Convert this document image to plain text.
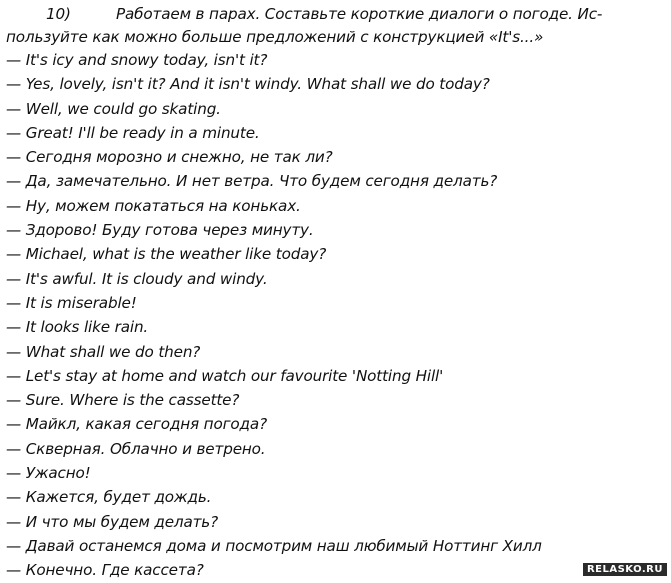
10)	Работаем в парах. Составьте короткие диалоги о погоде. Ис-
пользуйте как можно больше предложений с конструкцией «It's...»
— It's icy and snowy today, isn't it?
— Yes, lovely, isn't it? And it isn't windy. What shall we do today?
— Well, we could go skating.
— Great! I'll be ready in a minute.
— Сегодня морозно и снежно, не так ли?
— Да, замечательно. И нет ветра. Что будем сегодня делать?
— Ну, можем покататься на коньках.
— Здорово! Буду готова через минуту.
— Michael, what is the weather like today?
— It's awful. It is cloudy and windy.
— It is miserable!
— It looks like rain.
— What shall we do then?
— Let's stay at home and watch our favourite 'Notting Hill'
— Sure. Where is the cassette?
— Майкл, какая сегодня погода?
— Скверная. Облачно и ветрено.
— Ужасно!
— Кажется, будет дождь.
— И что мы будем делать?
— Давай останемся дома и посмотрим наш любимый Ноттинг Хилл
— Конечно. Где кассета?	RELASKO.RU
